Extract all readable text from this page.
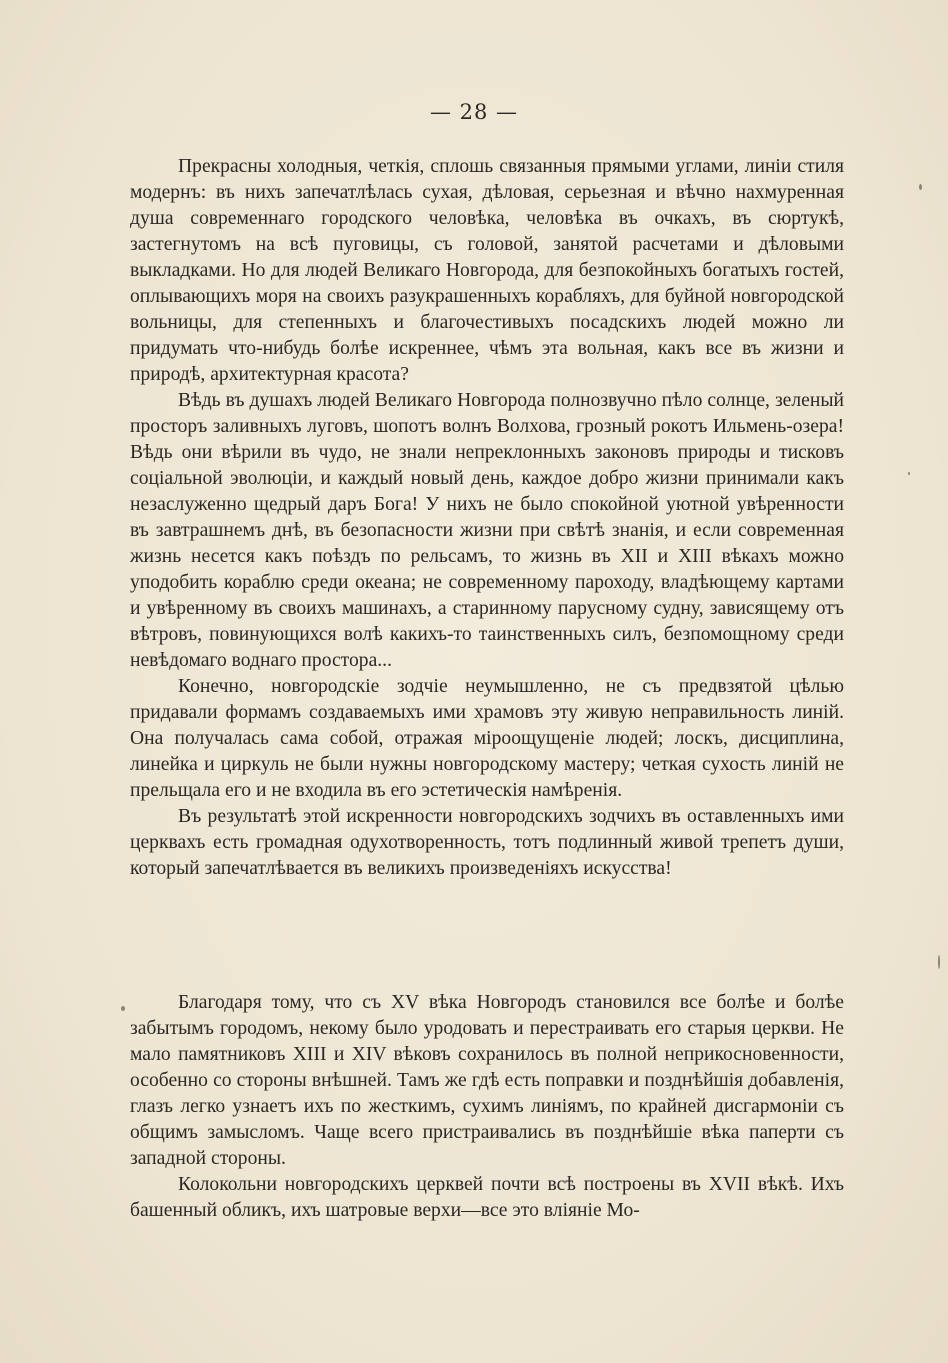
— 28 —

Прекрасны холодныя, четкія, сплошь связанныя прямыми углами, линіи стиля модернъ: въ нихъ запечатлѣлась сухая, дѣловая, серьезная и вѣчно нахмуренная душа современнаго городского человѣка, человѣка въ очкахъ, въ сюртукѣ, застегнутомъ на всѣ пуговицы, съ головой, занятой расчетами и дѣловыми выкладками. Но для людей Великаго Новгорода, для безпокойныхъ богатыхъ гостей, оплывающихъ моря на своихъ разукрашенныхъ корабляхъ, для буйной новгородской вольницы, для степенныхъ и благочестивыхъ посадскихъ людей можно ли придумать что-нибудь болѣе искреннее, чѣмъ эта вольная, какъ все въ жизни и природѣ, архитектурная красота?

Вѣдь въ душахъ людей Великаго Новгорода полнозвучно пѣло солнце, зеленый просторъ заливныхъ луговъ, шопотъ волнъ Волхова, грозный рокотъ Ильмень-озера! Вѣдь они вѣрили въ чудо, не знали непреклонныхъ законовъ природы и тисковъ соціальной эволюціи, и каждый новый день, каждое добро жизни принимали какъ незаслуженно щедрый даръ Бога! У нихъ не было спокойной уютной увѣренности въ завтрашнемъ днѣ, въ безопасности жизни при свѣтѣ знанія, и если современная жизнь несется какъ поѣздъ по рельсамъ, то жизнь въ XII и XIII вѣкахъ можно уподобить кораблю среди океана; не современному пароходу, владѣющему картами и увѣренному въ своихъ машинахъ, а старинному парусному судну, зависящему отъ вѣтровъ, повинующихся волѣ какихъ-то таинственныхъ силъ, безпомощному среди невѣдомаго воднаго простора...

Конечно, новгородскіе зодчіе неумышленно, не съ предвзятой цѣлью придавали формамъ создаваемыхъ ими храмовъ эту живую неправильность линій. Она получалась сама собой, отражая міроощущеніе людей; лоскъ, дисциплина, линейка и циркуль не были нужны новгородскому мастеру; четкая сухость линій не прельщала его и не входила въ его эстетическія намѣренія.

Въ результатѣ этой искренности новгородскихъ зодчихъ въ оставленныхъ ими церквахъ есть громадная одухотворенность, тотъ подлинный живой трепетъ души, который запечатлѣвается въ великихъ произведеніяхъ искусства!

Благодаря тому, что съ XV вѣка Новгородъ становился все болѣе и болѣе забытымъ городомъ, некому было уродовать и перестраивать его старыя церкви. Не мало памятниковъ XIII и XIV вѣковъ сохранилось въ полной неприкосновенности, особенно со стороны внѣшней. Тамъ же гдѣ есть поправки и позднѣйшія добавленія, глазъ легко узнаетъ ихъ по жесткимъ, сухимъ линіямъ, по крайней дисгармоніи съ общимъ замысломъ. Чаще всего пристраивались въ позднѣйшіе вѣка паперти съ западной стороны.

Колокольни новгородскихъ церквей почти всѣ построены въ XVII вѣкѣ. Ихъ башенный обликъ, ихъ шатровые верхи—все это вліяніе Мо-
